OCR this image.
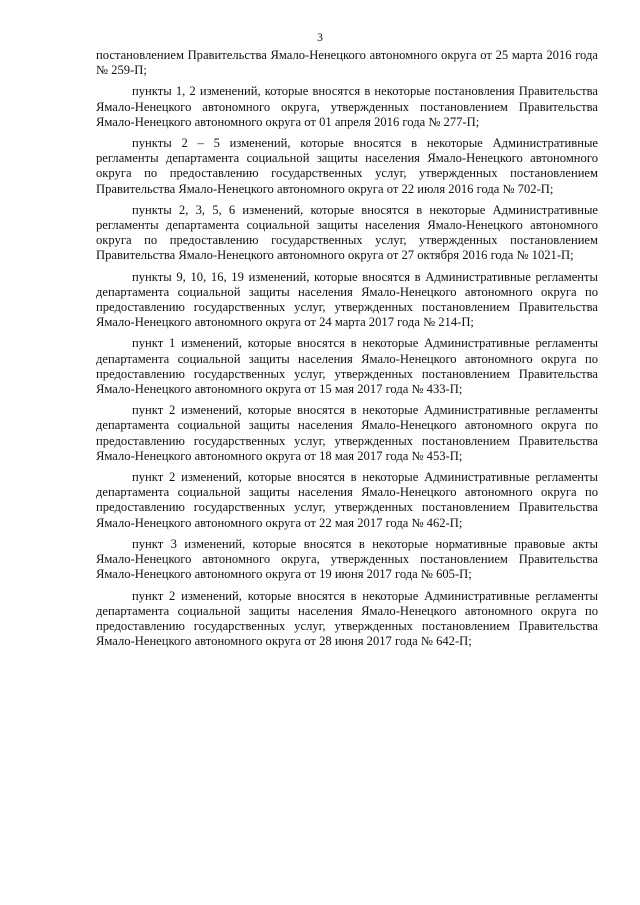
3

постановлением Правительства Ямало-Ненецкого автономного округа от 25 марта 2016 года № 259-П;

пункты 1, 2 изменений, которые вносятся в некоторые постановления Правительства Ямало-Ненецкого автономного округа, утвержденных постановлением Правительства Ямало-Ненецкого автономного округа от 01 апреля 2016 года № 277-П;

пункты 2 – 5 изменений, которые вносятся в некоторые Административные регламенты департамента социальной защиты населения Ямало-Ненецкого автономного округа по предоставлению государственных услуг, утвержденных постановлением Правительства Ямало-Ненецкого автономного округа от 22 июля 2016 года № 702-П;

пункты 2, 3, 5, 6 изменений, которые вносятся в некоторые Административные регламенты департамента социальной защиты населения Ямало-Ненецкого автономного округа по предоставлению государственных услуг, утвержденных постановлением Правительства Ямало-Ненецкого автономного округа от 27 октября 2016 года № 1021-П;

пункты 9, 10, 16, 19 изменений, которые вносятся в Административные регламенты департамента социальной защиты населения Ямало-Ненецкого автономного округа по предоставлению государственных услуг, утвержденных постановлением Правительства Ямало-Ненецкого автономного округа от 24 марта 2017 года № 214-П;

пункт 1 изменений, которые вносятся в некоторые Административные регламенты департамента социальной защиты населения Ямало-Ненецкого автономного округа по предоставлению государственных услуг, утвержденных постановлением Правительства Ямало-Ненецкого автономного округа от 15 мая 2017 года № 433-П;

пункт 2 изменений, которые вносятся в некоторые Административные регламенты департамента социальной защиты населения Ямало-Ненецкого автономного округа по предоставлению государственных услуг, утвержденных постановлением Правительства Ямало-Ненецкого автономного округа от 18 мая 2017 года № 453-П;

пункт 2 изменений, которые вносятся в некоторые Административные регламенты департамента социальной защиты населения Ямало-Ненецкого автономного округа по предоставлению государственных услуг, утвержденных постановлением Правительства Ямало-Ненецкого автономного округа от 22 мая 2017 года № 462-П;

пункт 3 изменений, которые вносятся в некоторые нормативные правовые акты Ямало-Ненецкого автономного округа, утвержденных постановлением Правительства Ямало-Ненецкого автономного округа от 19 июня 2017 года № 605-П;

пункт 2 изменений, которые вносятся в некоторые Административные регламенты департамента социальной защиты населения Ямало-Ненецкого автономного округа по предоставлению государственных услуг, утвержденных постановлением Правительства Ямало-Ненецкого автономного округа от 28 июня 2017 года № 642-П;
